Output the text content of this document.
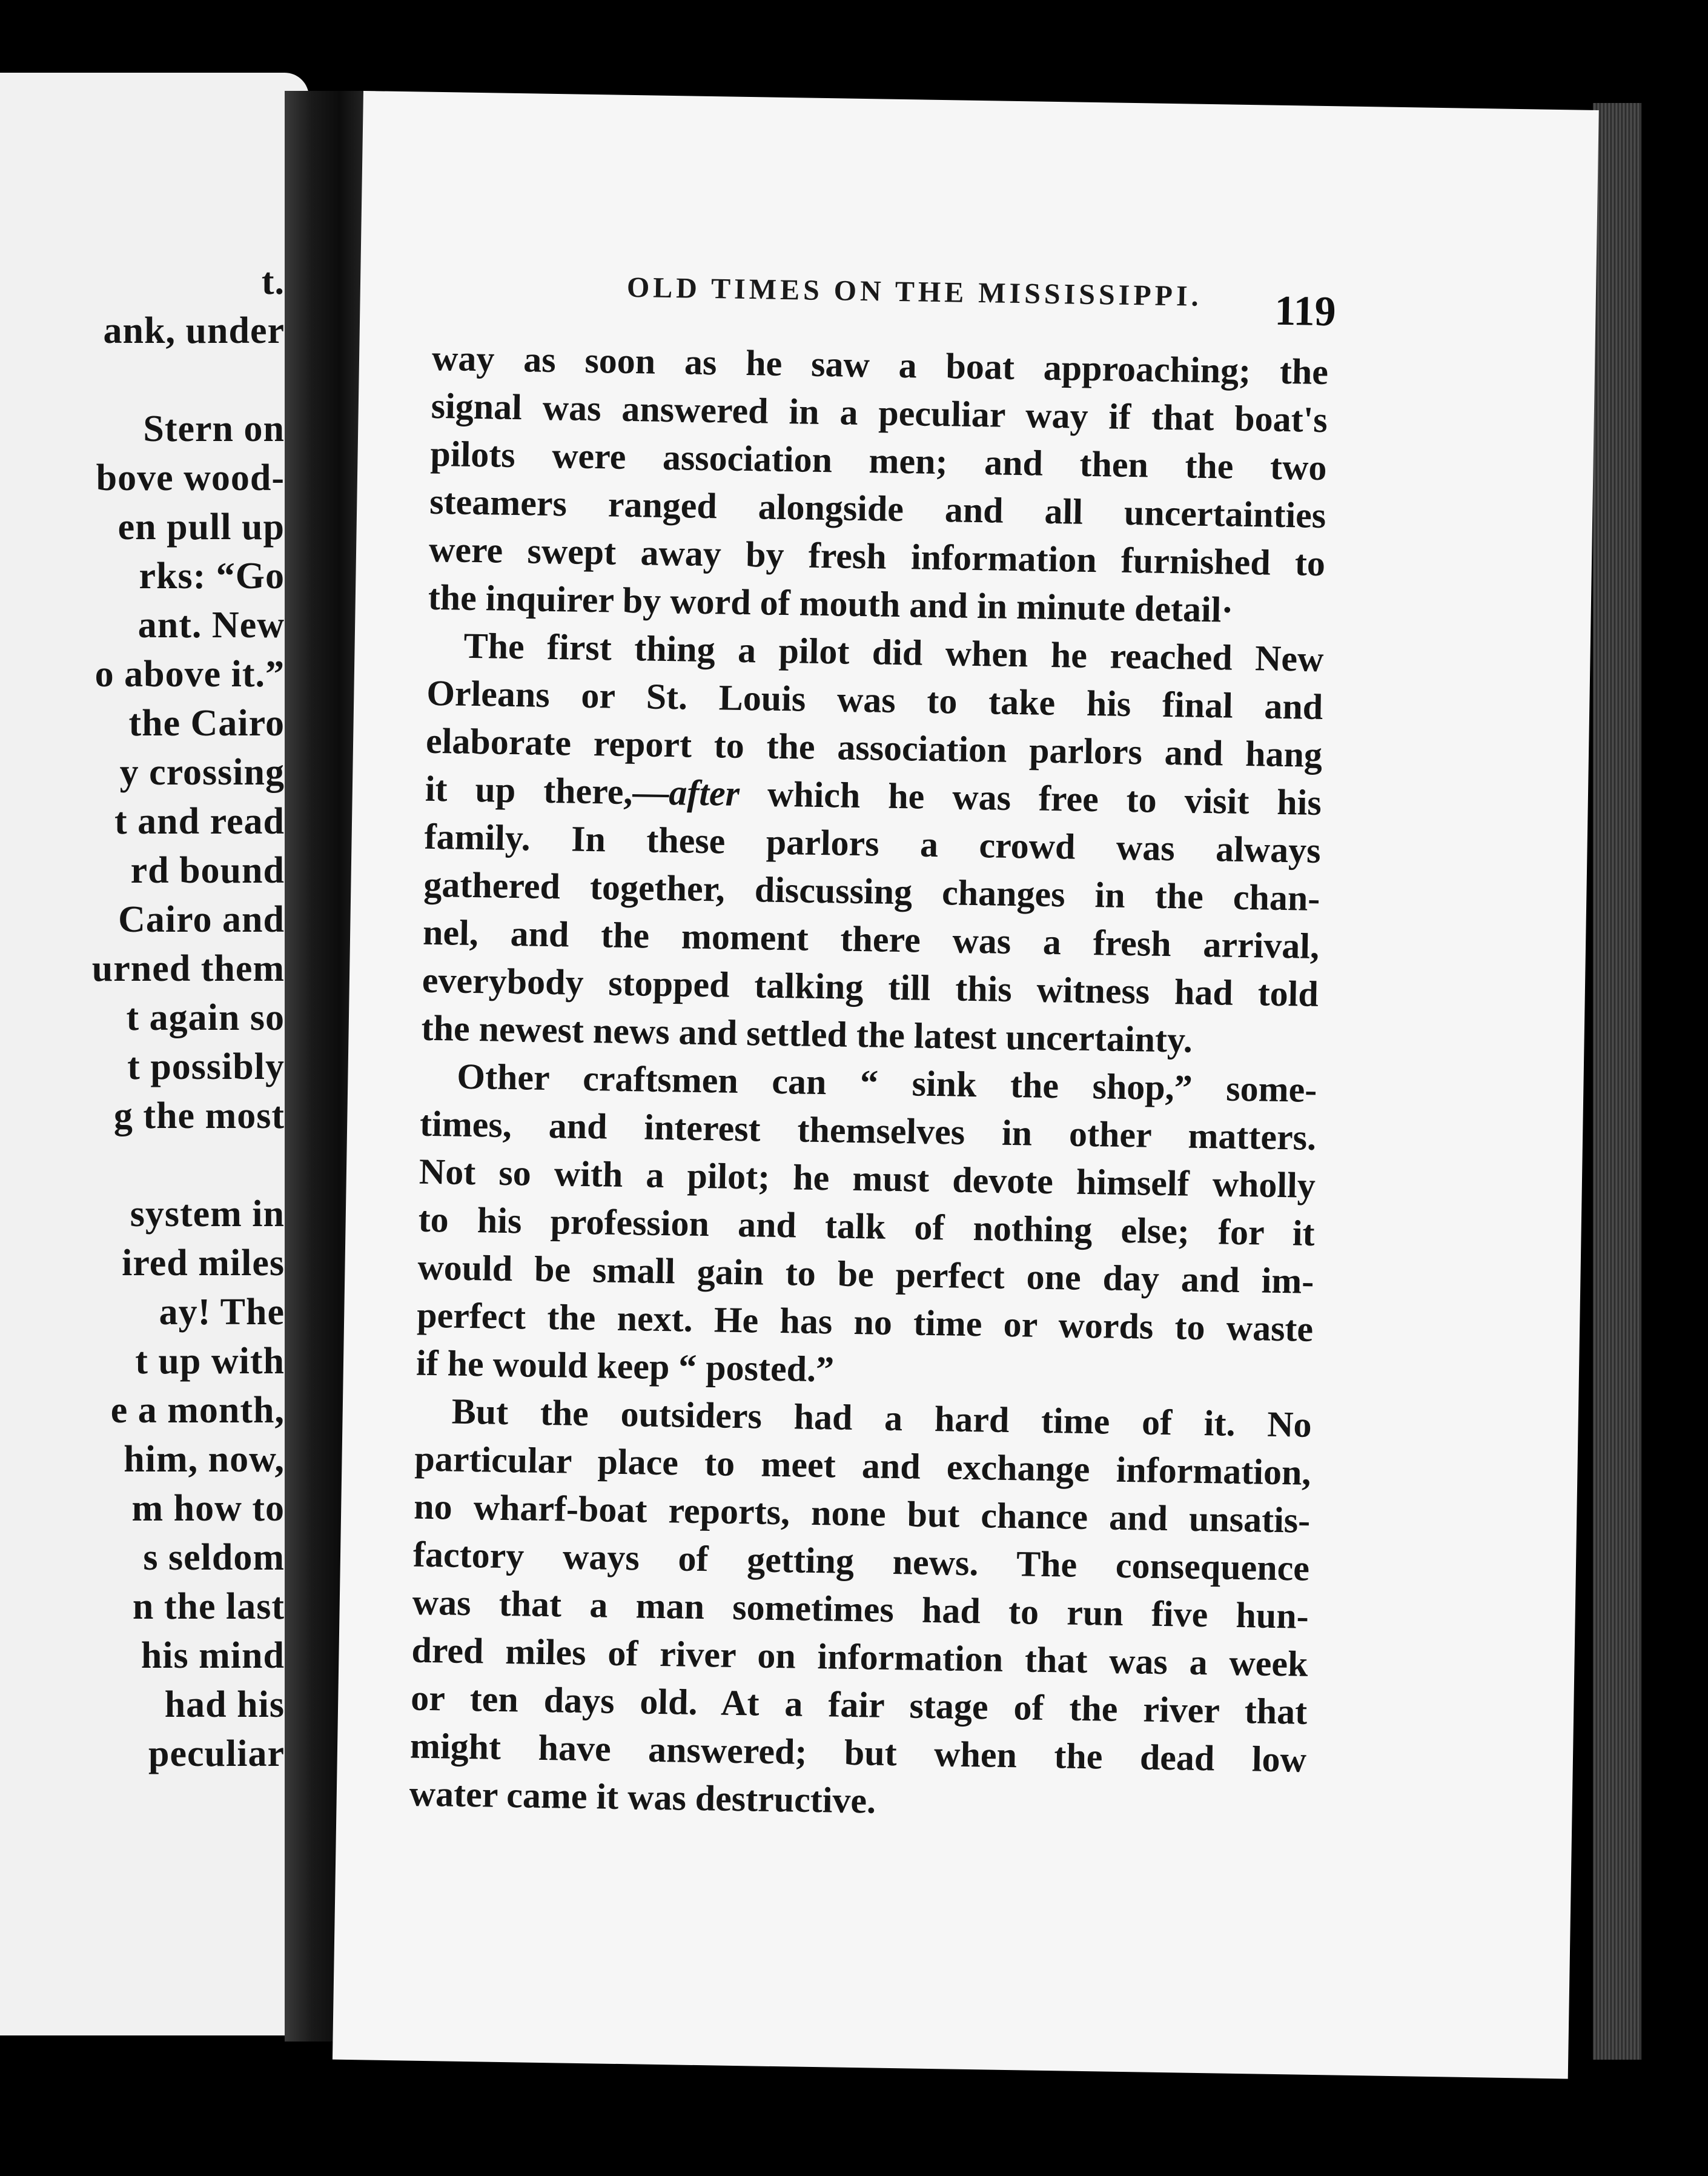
t.
ank, under
Stern on
bove wood-
en pull up
rks: “Go
ant. New
o above it.”
the Cairo
y crossing
t and read
rd bound
Cairo and
urned them
t again so
t possibly
g the most
system in
ired miles
ay! The
t up with
e a month,
him, now,
m how to
s seldom
n the last
his mind
had his
peculiar
OLD TIMES ON THE MISSISSIPPI. 119
way as soon as he saw a boat approaching; the
signal was answered in a peculiar way if that boat's
pilots were association men; and then the two
steamers ranged alongside and all uncertainties
were swept away by fresh information furnished to
the inquirer by word of mouth and in minute detail·
The first thing a pilot did when he reached New
Orleans or St. Louis was to take his final and
elaborate report to the association parlors and hang
it up there,—after which he was free to visit his
family. In these parlors a crowd was always
gathered together, discussing changes in the chan-
nel, and the moment there was a fresh arrival,
everybody stopped talking till this witness had told
the newest news and settled the latest uncertainty.
Other craftsmen can “ sink the shop,” some-
times, and interest themselves in other matters.
Not so with a pilot; he must devote himself wholly
to his profession and talk of nothing else; for it
would be small gain to be perfect one day and im-
perfect the next. He has no time or words to waste
if he would keep “ posted.”
But the outsiders had a hard time of it. No
particular place to meet and exchange information,
no wharf-boat reports, none but chance and unsatis-
factory ways of getting news. The consequence
was that a man sometimes had to run five hun-
dred miles of river on information that was a week
or ten days old. At a fair stage of the river that
might have answered; but when the dead low
water came it was destructive.
